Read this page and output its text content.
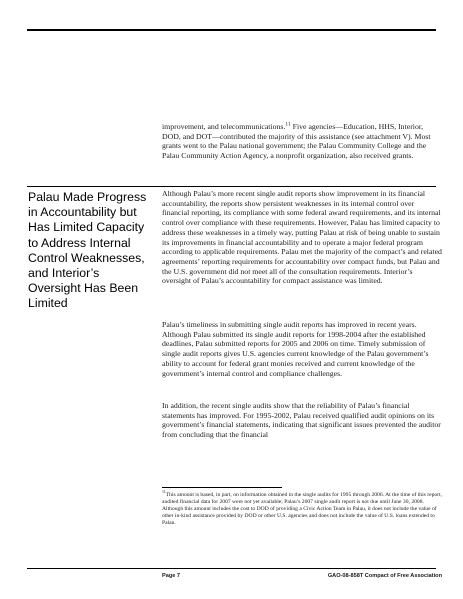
improvement, and telecommunications.$^{11}$ Five agencies—Education, HHS, Interior, DOD, and DOT—contributed the majority of this assistance (see attachment V). Most grants went to the Palau national government; the Palau Community College and the Palau Community Action Agency, a nonprofit organization, also received grants.

Palau Made Progress in Accountability but Has Limited Capacity to Address Internal Control Weaknesses, and Interior’s Oversight Has Been Limited

Although Palau’s more recent single audit reports show improvement in its financial accountability, the reports show persistent weaknesses in its internal control over financial reporting, its compliance with some federal award requirements, and its internal control over compliance with these requirements. However, Palau has limited capacity to address these weaknesses in a timely way, putting Palau at risk of being unable to sustain its improvements in financial accountability and to operate a major federal program according to applicable requirements. Palau met the majority of the compact’s and related agreements’ reporting requirements for accountability over compact funds, but Palau and the U.S. government did not meet all of the consultation requirements. Interior’s oversight of Palau’s accountability for compact assistance was limited.

Palau’s timeliness in submitting single audit reports has improved in recent years. Although Palau submitted its single audit reports for 1998-2004 after the established deadlines, Palau submitted reports for 2005 and 2006 on time. Timely submission of single audit reports gives U.S. agencies current knowledge of the Palau government’s ability to account for federal grant monies received and current knowledge of the government’s internal control and compliance challenges.

In addition, the recent single audits show that the reliability of Palau’s financial statements has improved. For 1995-2002, Palau received qualified audit opinions on its government’s financial statements, indicating that significant issues prevented the auditor from concluding that the financial

$^{11}$This amount is based, in part, on information obtained in the single audits for 1995 through 2006. At the time of this report, audited financial data for 2007 were not yet available; Palau’s 2007 single audit report is not due until June 30, 2008. Although this amount includes the cost to DOD of providing a Civic Action Team in Palau, it does not include the value of other in-kind assistance provided by DOD or other U.S. agencies and does not include the value of U.S. loans extended to Palau.

Page 7	GAO-08-858T Compact of Free Association
